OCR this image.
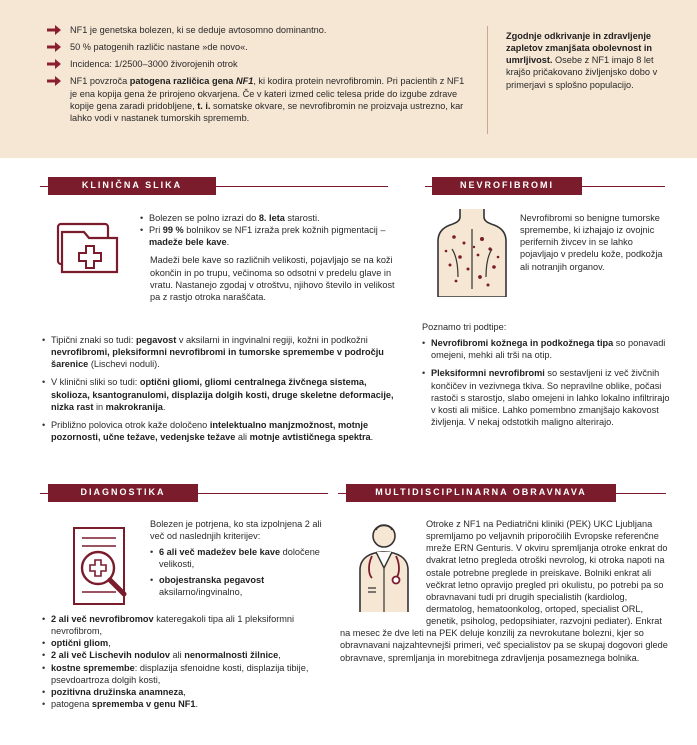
NF1 je genetska bolezen, ki se deduje avtosomno dominantno.
50 % patogenih različic nastane »de novo«.
Incidenca: 1/2500–3000 živorojenih otrok
NF1 povzroča patogena različica gena NF1, ki kodira protein nevrofibromin. Pri pacientih z NF1 je ena kopija gena že prirojeno okvarjena. Če v kateri izmed celic telesa pride do izgube zdrave kopije gena zaradi pridobljene, t. i. somatske okvare, se nevrofibromin ne proizvaja ustrezno, kar lahko vodi v nastanek tumorskih sprememb.
Zgodnje odkrivanje in zdravljenje zapletov zmanjšata obolevnost in umrljivost. Osebe z NF1 imajo 8 let krajšo pričakovano življenjsko dobo v primerjavi s splošno populacijo.
KLINIČNA SLIKA
• Bolezen se polno izrazi do 8. leta starosti.
• Pri 99 % bolnikov se NF1 izraža prek kožnih pigmentacij – madeže bele kave.
Madeži bele kave so različnih velikosti, pojavljajo se na koži okončin in po trupu, večinoma so odsotni v predelu glave in vratu. Nastanejo zgodaj v otroštvu, njihovo število in velikost pa z rastjo otroka naraščata.
• Tipični znaki so tudi: pegavost v aksilarni in ingvinalni regiji, kožni in podkožni nevrofibromi, pleksiformni nevrofibromi in tumorske spremembe v področju šarenice (Lischevi noduli).
• V klinični sliki so tudi: optični gliomi, gliomi centralnega živčnega sistema, skolioza, ksantogranulomi, displazija dolgih kosti, druge skeletne deformacije, nizka rast in makrokranija.
• Približno polovica otrok kaže določeno intelektualno manjzmožnost, motnje pozornosti, učne težave, vedenjske težave ali motnje avtističnega spektra.
NEVROFIBROMI
Nevrofibromi so benigne tumorske spremembe, ki izhajajo iz ovojnic perifernih živcev in se lahko pojavljajo v predelu kože, podkožja ali notranjih organov.
Poznamo tri podtipe:
• Nevrofibromi kožnega in podkožnega tipa so ponavadi omejeni, mehki ali trši na otip.
• Pleksiformni nevrofibromi so sestavljeni iz več živčnih končičev in vezivnega tkiva. So nepravilne oblike, počasi rastoči s starostjo, slabo omejeni in lahko lokalno infiltrirajo v kosti ali mišice. Lahko pomembno zmanjšajo kakovost življenja. V nekaj odstotkih maligno alterirajo.
DIAGNOSTIKA
Bolezen je potrjena, ko sta izpolnjena 2 ali več od naslednjih kriterijev:
• 6 ali več madežev bele kave določene velikosti,
• obojestranska pegavost aksilarno/ingvinalno,
• 2 ali več nevrofibromov kateregakoli tipa ali 1 pleksiformni nevrofibrom,
• optični gliom,
• 2 ali več Lischevih nodulov ali nenormalnosti žilnice,
• kostne spremembe: displazija sfenoidne kosti, displazija tibije, psevdoartroza dolgih kosti,
• pozitivna družinska anamneza,
• patogena sprememba v genu NF1.
MULTIDISCIPLINARNA OBRAVNAVA
Otroke z NF1 na Pediatrični kliniki (PEK) UKC Ljubljana spremljamo po veljavnih priporočilih Evropske referenčne mreže ERN Genturis. V okviru spremljanja otroke enkrat do dvakrat letno pregleda otroški nevrolog, ki otroka napoti na ostale potrebne preglede in preiskave. Bolniki enkrat ali večkrat letno opravijo pregled pri okulistu, po potrebi pa so obravnavani tudi pri drugih specialistih (kardiolog, dermatolog, hematoonkolog, ortoped, specialist ORL, genetik, psiholog, pedopsihiater, razvojni pediater). Enkrat na mesec že dve leti na PEK deluje konzilij za nevrokutane bolezni, kjer so obravnavani najzahtevnejši primeri, več specialistov pa se skupaj dogovori glede obravnave, spremljanja in morebitnega zdravljenja posameznega bolnika.
